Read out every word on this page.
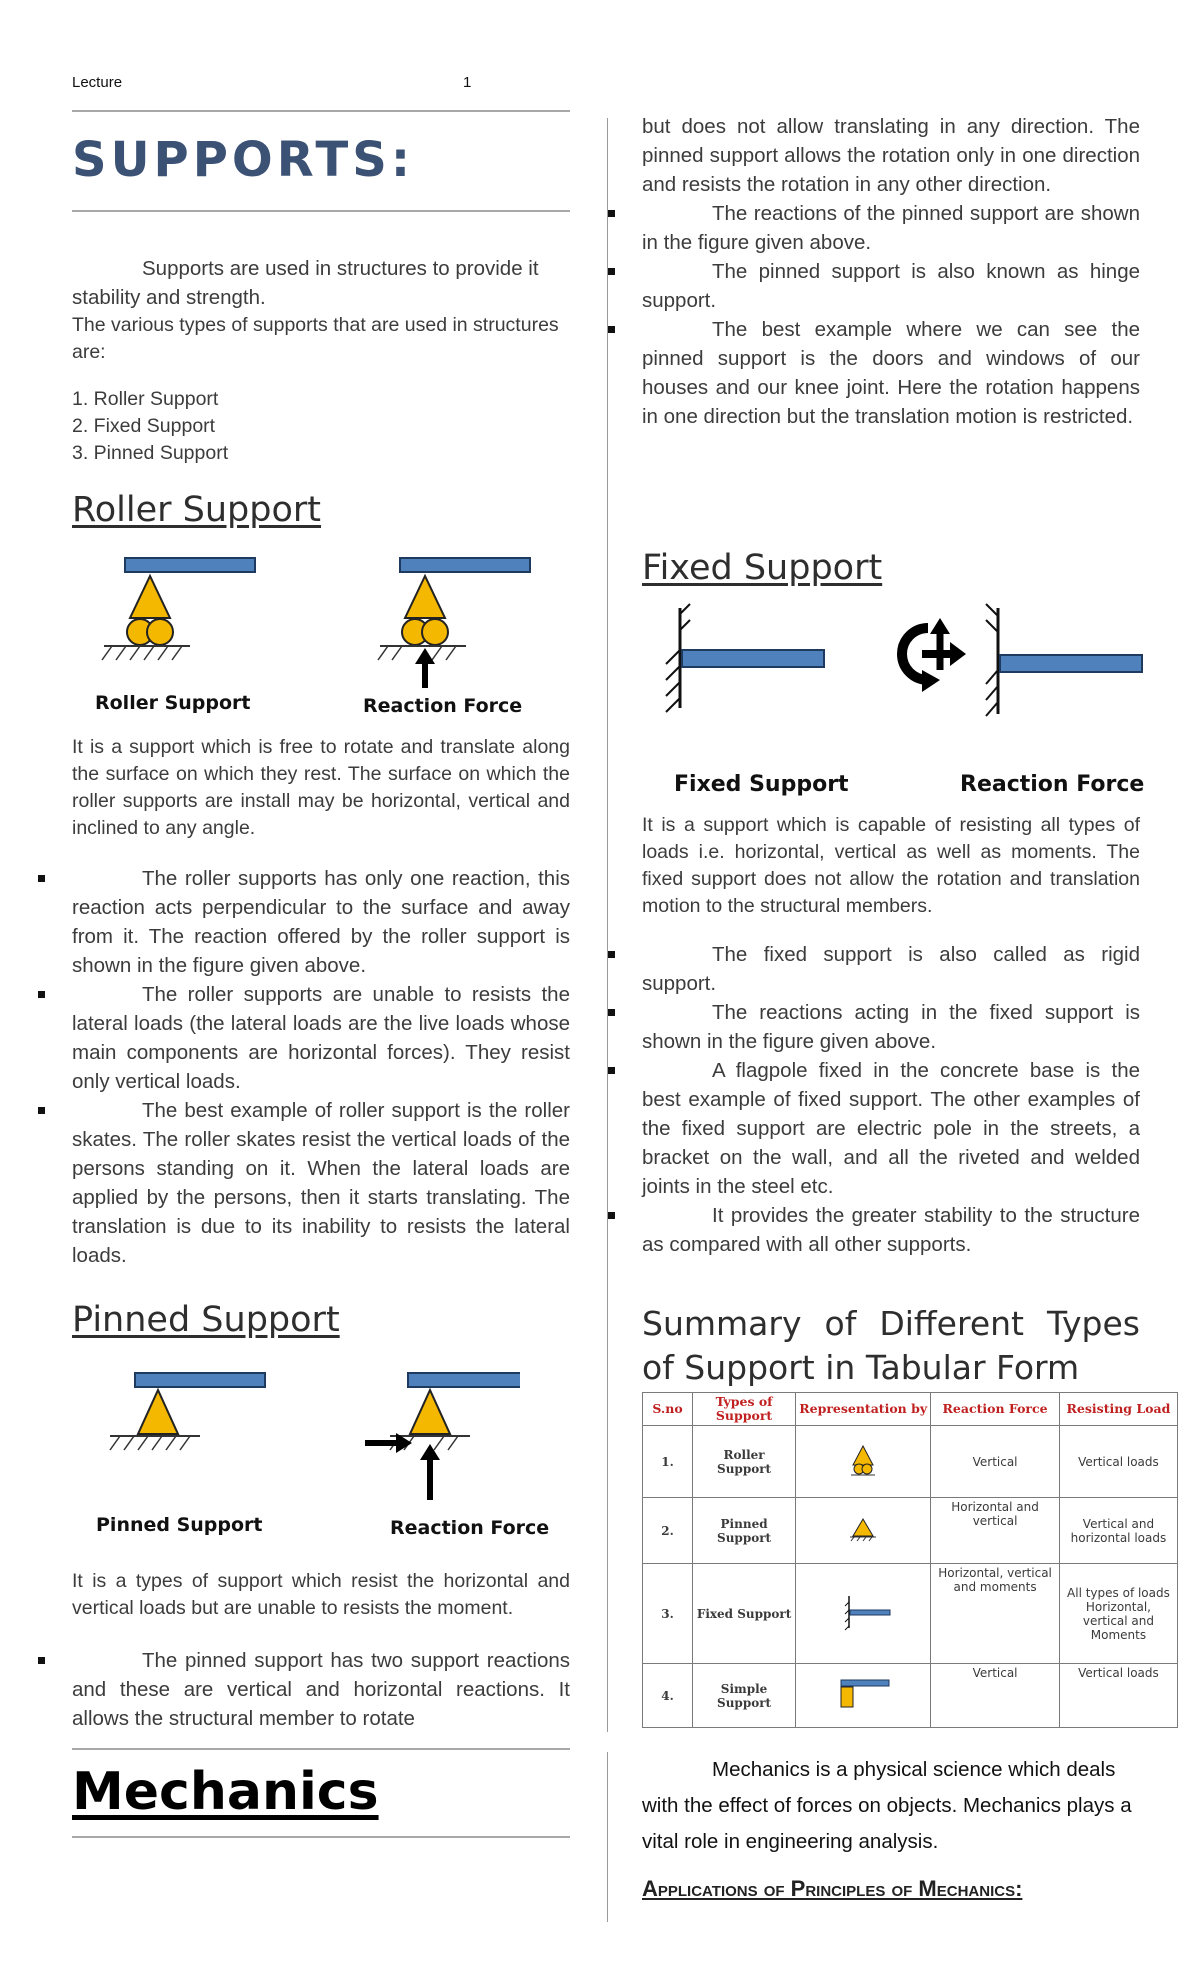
Lecture	1
SUPPORTS:
Supports are used in structures to provide it stability and strength.
The various types of supports that are used in structures are:
1. Roller Support
2. Fixed Support
3. Pinned Support
Roller Support
Roller Support	Reaction Force
It is a support which is free to rotate and translate along the surface on which they rest. The surface on which the roller supports are install may be horizontal, vertical and inclined to any angle.
The roller supports has only one reaction, this reaction acts perpendicular to the surface and away from it. The reaction offered by the roller support is shown in the figure given above.
The roller supports are unable to resists the lateral loads (the lateral loads are the live loads whose main components are horizontal forces). They resist only vertical loads.
The best example of roller support is the roller skates. The roller skates resist the vertical loads of the persons standing on it. When the lateral loads are applied by the persons, then it starts translating. The translation is due to its inability to resists the lateral loads.
Pinned Support
Pinned Support	Reaction Force
It is a types of support which resist the horizontal and vertical loads but are unable to resists the moment.
The pinned support has two support reactions and these are vertical and horizontal reactions. It allows the structural member to rotate
Mechanics
but does not allow translating in any direction. The pinned support allows the rotation only in one direction and resists the rotation in any other direction.
The reactions of the pinned support are shown in the figure given above.
The pinned support is also known as hinge support.
The best example where we can see the pinned support is the doors and windows of our houses and our knee joint. Here the rotation happens in one direction but the translation motion is restricted.
Fixed Support
Fixed Support	Reaction Force
It is a support which is capable of resisting all types of loads i.e. horizontal, vertical as well as moments. The fixed support does not allow the rotation and translation motion to the structural members.
The fixed support is also called as rigid support.
The reactions acting in the fixed support is shown in the figure given above.
A flagpole fixed in the concrete base is the best example of fixed support. The other examples of the fixed support are electric pole in the streets, a bracket on the wall, and all the riveted and welded joints in the steel etc.
It provides the greater stability to the structure as compared with all other supports.
Summary of Different Types of Support in Tabular Form
S.no	Types of Support	Representation by	Reaction Force	Resisting Load
1.	Roller Support		Vertical	Vertical loads
2.	Pinned Support		Horizontal and vertical	Vertical and horizontal loads
3.	Fixed Support		Horizontal, vertical and moments	All types of loads Horizontal, vertical and Moments
4.	Simple Support		Vertical	Vertical loads
Mechanics is a physical science which deals with the effect of forces on objects. Mechanics plays a vital role in engineering analysis.
Applications of Principles of Mechanics:
